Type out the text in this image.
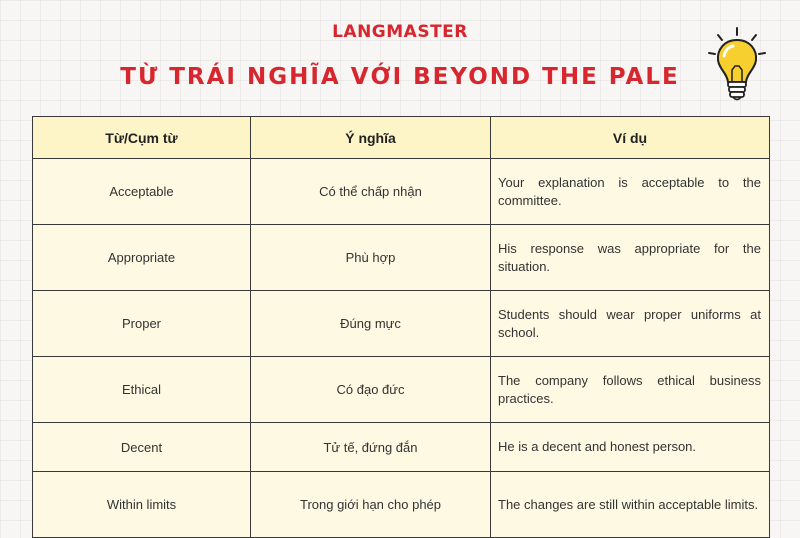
LANGMASTER
TỪ TRÁI NGHĨA VỚI BEYOND THE PALE
Từ/Cụm từ	Ý nghĩa	Ví dụ
Acceptable	Có thể chấp nhận	Your explanation is acceptable to the committee.
Appropriate	Phù hợp	His response was appropriate for the situation.
Proper	Đúng mực	Students should wear proper uniforms at school.
Ethical	Có đạo đức	The company follows ethical business practices.
Decent	Tử tế, đứng đắn	He is a decent and honest person.
Within limits	Trong giới hạn cho phép	The changes are still within acceptable limits.
